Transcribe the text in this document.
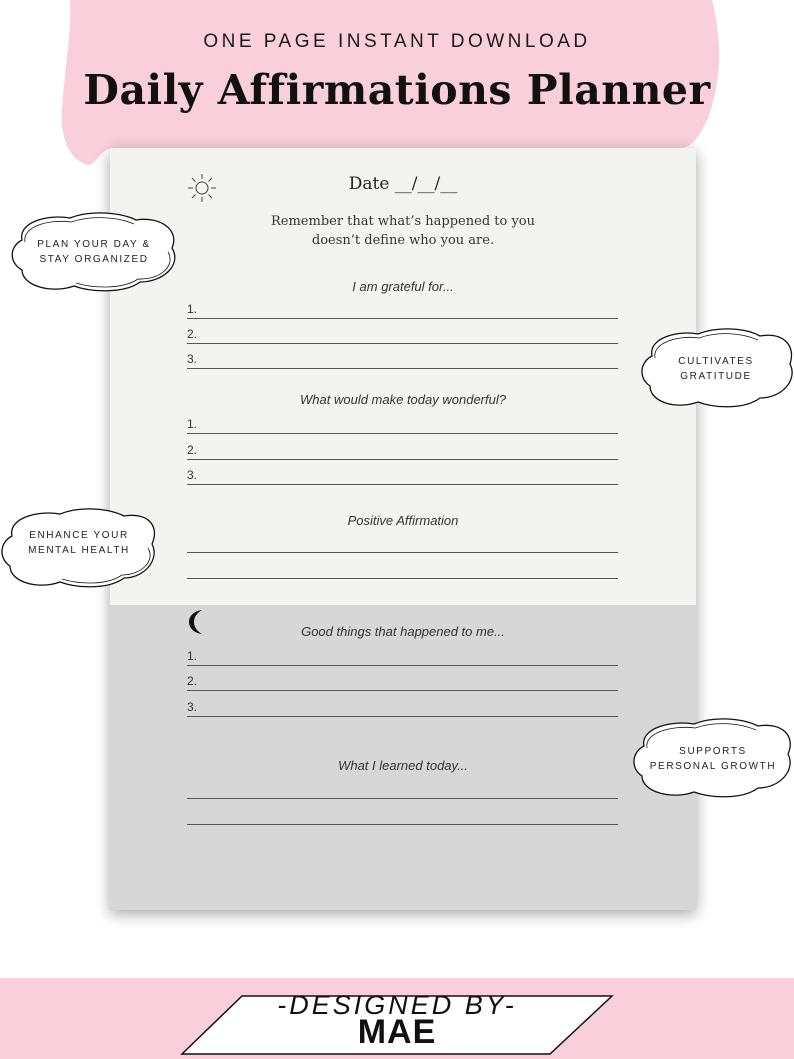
ONE PAGE INSTANT DOWNLOAD
Daily Affirmations Planner
Date __/__/__
Remember that what’s happened to you doesn’t define who you are.
I am grateful for...
1.
2.
3.
What would make today wonderful?
1.
2.
3.
Positive Affirmation
Good things that happened to me...
1.
2.
3.
What I learned today...
PLAN YOUR DAY &
STAY ORGANIZED
CULTIVATES
GRATITUDE
ENHANCE YOUR
MENTAL HEALTH
SUPPORTS
PERSONAL GROWTH
-DESIGNED BY-
MAE
